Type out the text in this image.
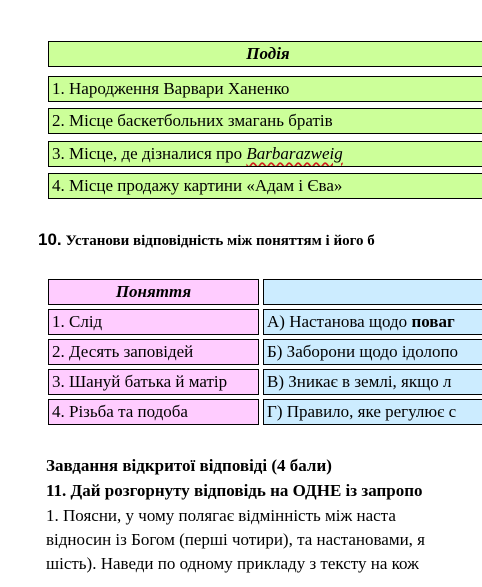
Подія
1. Народження Варвари Ханенко
2. Місце баскетбольних змагань братів
3. Місце, де дізналися про Barbarazweig
4. Місце продажу картини «Адам і Єва»
10. Установи відповідність між поняттям і його б
Поняття
1. Слід
2. Десять заповідей
3. Шануй батька й матір
4. Різьба та подоба
А) Настанова щодо поваг
Б) Заборони щодо ідолопо
В) Зникає в землі, якщо л
Г) Правило, яке регулює с
Завдання відкритої відповіді (4 бали)
11. Дай розгорнуту відповідь на ОДНЕ із запропо
1. Поясни, у чому полягає відмінність між наста
відносин із Богом (перші чотири), та настановами, я
шість). Наведи по одному прикладу з тексту на кож
